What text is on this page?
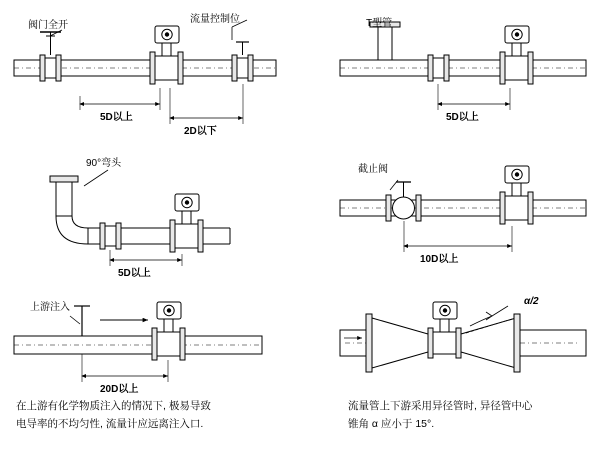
阀门全开
流量控制位
5D以上
2D以下
T型管
5D以上
90°弯头
5D以上
截止阀
10D以上
上游注入
20D以上
α/2
在上游有化学物质注入的情况下, 极易导致
电导率的不均匀性, 流量计应远离注入口.
流量管上下游采用异径管时, 异径管中心
锥角 α 应小于 15°.
